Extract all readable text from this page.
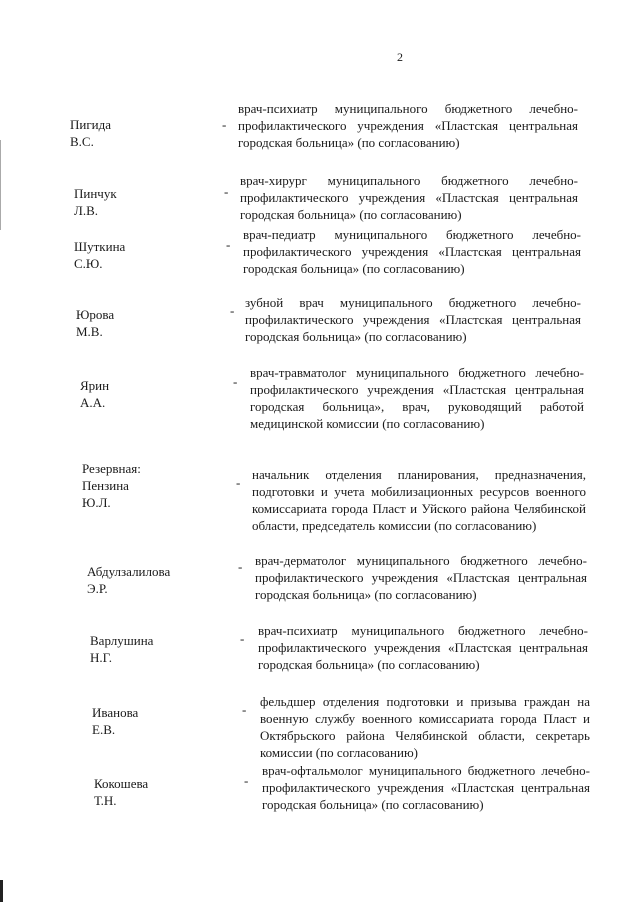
2
Пигида В.С.
-
врач-психиатр муниципального бюджетного лечебно-профилактического учреждения «Пластская центральная городская больница» (по согласованию)
Пинчук Л.В.
-
врач-хирург муниципального бюджетного лечебно-профилактического учреждения «Пластская центральная городская больница» (по согласованию)
Шуткина С.Ю.
-
врач-педиатр муниципального бюджетного лечебно-профилактического учреждения «Пластская центральная городская больница» (по согласованию)
Юрова М.В.
-
зубной врач муниципального бюджетного лечебно-профилактического учреждения «Пластская центральная городская больница» (по согласованию)
Ярин А.А.
-
врач-травматолог муниципального бюджетного лечебно-профилактического учреждения «Пластская центральная городская больница», врач, руководящий работой медицинской комиссии (по согласованию)
Резервная:
Пензина Ю.Л.
-
начальник отделения планирования, предназначения, подготовки и учета мобилизационных ресурсов военного комиссариата города Пласт и Уйского района Челябинской области, председатель комиссии (по согласованию)
Абдулзалилова
Э.Р.
- врач-дерматолог муниципального бюджетного лечебно-профилактического учреждения «Пластская центральная городская больница» (по согласованию)
Варлушина Н.Г.
-
врач-психиатр муниципального бюджетного лечебно-профилактического учреждения «Пластская центральная городская больница» (по согласованию)
Иванова Е.В.
-
фельдшер отделения подготовки и призыва граждан на военную службу военного комиссариата города Пласт и Октябрьского района Челябинской области, секретарь комиссии (по согласованию)
Кокошева Т.Н.
-
врач-офтальмолог муниципального бюджетного лечебно-профилактического учреждения «Пластская центральная городская больница» (по согласованию)
